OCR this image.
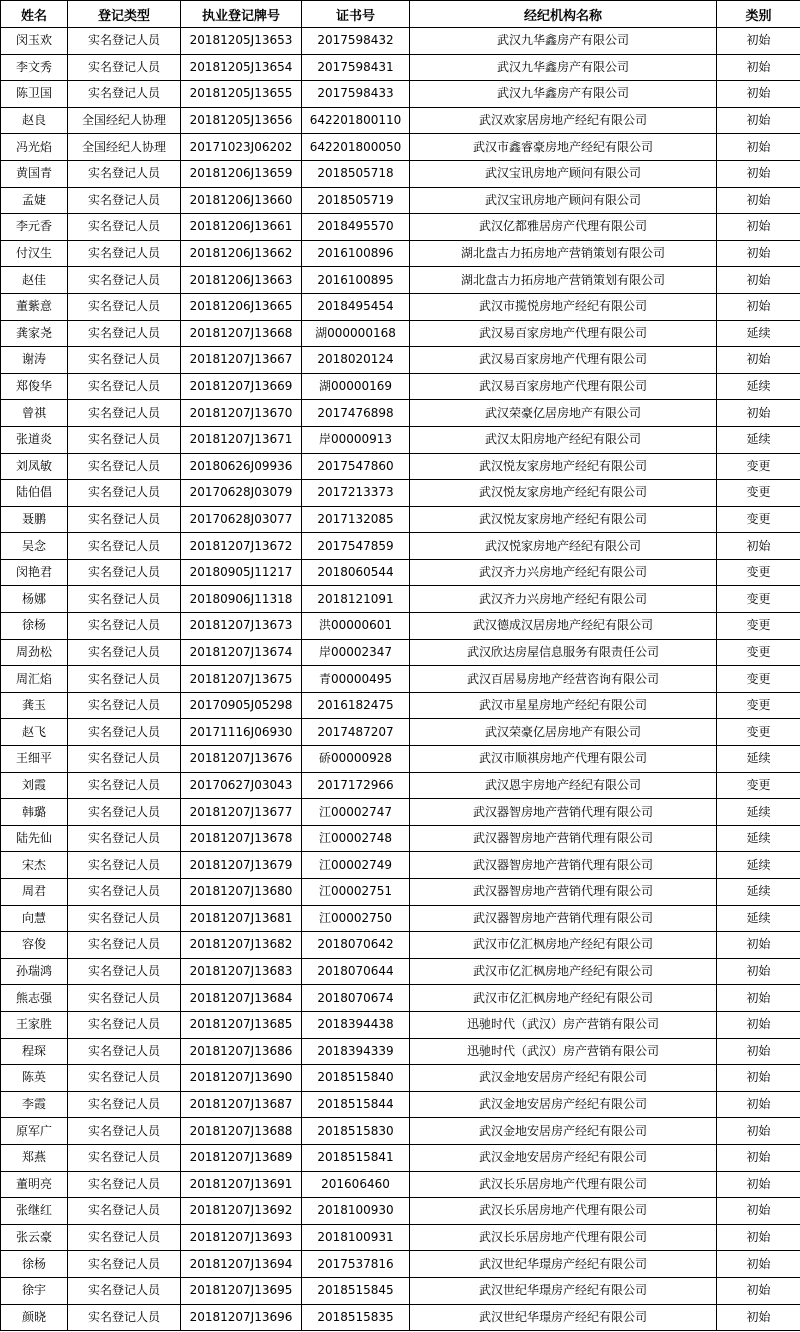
姓名	登记类型	执业登记牌号	证书号	经纪机构名称	类别
闵玉欢	实名登记人员	20181205J13653	2017598432	武汉九华鑫房产有限公司	初始
李文秀	实名登记人员	20181205J13654	2017598431	武汉九华鑫房产有限公司	初始
陈卫国	实名登记人员	20181205J13655	2017598433	武汉九华鑫房产有限公司	初始
赵良	全国经纪人协理	20181205J13656	642201800110	武汉欢家居房地产经纪有限公司	初始
冯光焰	全国经纪人协理	20171023J06202	642201800050	武汉市鑫睿豪房地产经纪有限公司	初始
黄国青	实名登记人员	20181206J13659	2018505718	武汉宝讯房地产顾问有限公司	初始
孟婕	实名登记人员	20181206J13660	2018505719	武汉宝讯房地产顾问有限公司	初始
李元香	实名登记人员	20181206J13661	2018495570	武汉亿都雅居房产代理有限公司	初始
付汉生	实名登记人员	20181206J13662	2016100896	湖北盘古力拓房地产营销策划有限公司	初始
赵佳	实名登记人员	20181206J13663	2016100895	湖北盘古力拓房地产营销策划有限公司	初始
董紫意	实名登记人员	20181206J13665	2018495454	武汉市揽悦房地产经纪有限公司	初始
龚家尧	实名登记人员	20181207J13668	湖000000168	武汉易百家房地产代理有限公司	延续
谢涛	实名登记人员	20181207J13667	2018020124	武汉易百家房地产代理有限公司	初始
郑俊华	实名登记人员	20181207J13669	湖00000169	武汉易百家房地产代理有限公司	延续
曾祺	实名登记人员	20181207J13670	2017476898	武汉荣豪亿居房地产有限公司	初始
张道炎	实名登记人员	20181207J13671	岸00000913	武汉太阳房地产经纪有限公司	延续
刘凤敏	实名登记人员	20180626J09936	2017547860	武汉悦友家房地产经纪有限公司	变更
陆伯倡	实名登记人员	20170628J03079	2017213373	武汉悦友家房地产经纪有限公司	变更
聂鹏	实名登记人员	20170628J03077	2017132085	武汉悦友家房地产经纪有限公司	变更
吴念	实名登记人员	20181207J13672	2017547859	武汉悦家房地产经纪有限公司	初始
闵艳君	实名登记人员	20180905J11217	2018060544	武汉齐力兴房地产经纪有限公司	变更
杨娜	实名登记人员	20180906J11318	2018121091	武汉齐力兴房地产经纪有限公司	变更
徐杨	实名登记人员	20181207J13673	洪00000601	武汉德成汉居房地产经纪有限公司	变更
周劲松	实名登记人员	20181207J13674	岸00002347	武汉欣达房屋信息服务有限责任公司	变更
周汇焰	实名登记人员	20181207J13675	青00000495	武汉百居易房地产经营咨询有限公司	变更
龚玉	实名登记人员	20170905J05298	2016182475	武汉市星星房地产经纪有限公司	变更
赵飞	实名登记人员	20171116J06930	2017487207	武汉荣豪亿居房地产有限公司	变更
王细平	实名登记人员	20181207J13676	硚00000928	武汉市顺祺房地产代理有限公司	延续
刘霞	实名登记人员	20170627J03043	2017172966	武汉恩宇房地产经纪有限公司	变更
韩璐	实名登记人员	20181207J13677	江00002747	武汉器智房地产营销代理有限公司	延续
陆先仙	实名登记人员	20181207J13678	江00002748	武汉器智房地产营销代理有限公司	延续
宋杰	实名登记人员	20181207J13679	江00002749	武汉器智房地产营销代理有限公司	延续
周君	实名登记人员	20181207J13680	江00002751	武汉器智房地产营销代理有限公司	延续
向慧	实名登记人员	20181207J13681	江00002750	武汉器智房地产营销代理有限公司	延续
容俊	实名登记人员	20181207J13682	2018070642	武汉市亿汇枫房地产经纪有限公司	初始
孙瑞鸿	实名登记人员	20181207J13683	2018070644	武汉市亿汇枫房地产经纪有限公司	初始
熊志强	实名登记人员	20181207J13684	2018070674	武汉市亿汇枫房地产经纪有限公司	初始
王家胜	实名登记人员	20181207J13685	2018394438	迅驰时代（武汉）房产营销有限公司	初始
程琛	实名登记人员	20181207J13686	2018394339	迅驰时代（武汉）房产营销有限公司	初始
陈英	实名登记人员	20181207J13690	2018515840	武汉金地安居房产经纪有限公司	初始
李霞	实名登记人员	20181207J13687	2018515844	武汉金地安居房产经纪有限公司	初始
原军广	实名登记人员	20181207J13688	2018515830	武汉金地安居房产经纪有限公司	初始
郑燕	实名登记人员	20181207J13689	2018515841	武汉金地安居房产经纪有限公司	初始
董明亮	实名登记人员	20181207J13691	201606460	武汉长乐居房地产代理有限公司	初始
张继红	实名登记人员	20181207J13692	2018100930	武汉长乐居房地产代理有限公司	初始
张云豪	实名登记人员	20181207J13693	2018100931	武汉长乐居房地产代理有限公司	初始
徐杨	实名登记人员	20181207J13694	2017537816	武汉世纪华璟房产经纪有限公司	初始
徐宇	实名登记人员	20181207J13695	2018515845	武汉世纪华璟房产经纪有限公司	初始
颜晓	实名登记人员	20181207J13696	2018515835	武汉世纪华璟房产经纪有限公司	初始
